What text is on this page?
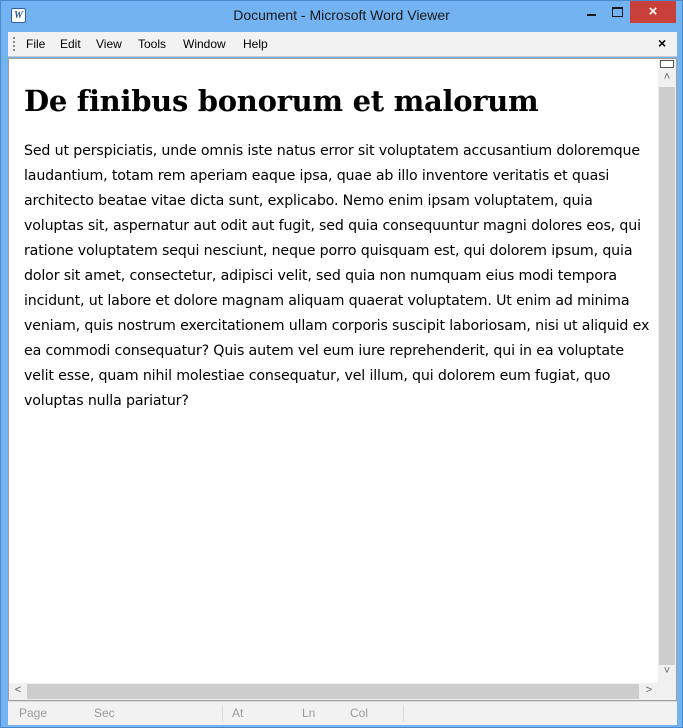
W	Document - Microsoft Word Viewer	×
File Edit View Tools Window Help	×
De finibus bonorum et malorum

Sed ut perspiciatis, unde omnis iste natus error sit voluptatem accusantium doloremque laudantium, totam rem aperiam eaque ipsa, quae ab illo inventore veritatis et quasi architecto beatae vitae dicta sunt, explicabo. Nemo enim ipsam voluptatem, quia voluptas sit, aspernatur aut odit aut fugit, sed quia consequuntur magni dolores eos, qui ratione voluptatem sequi nesciunt, neque porro quisquam est, qui dolorem ipsum, quia dolor sit amet, consectetur, adipisci velit, sed quia non numquam eius modi tempora incidunt, ut labore et dolore magnam aliquam quaerat voluptatem. Ut enim ad minima veniam, quis nostrum exercitationem ullam corporis suscipit laboriosam, nisi ut aliquid ex ea commodi consequatur? Quis autem vel eum iure reprehenderit, qui in ea voluptate velit esse, quam nihil molestiae consequatur, vel illum, qui dolorem eum fugiat, quo voluptas nulla pariatur?

˄
˅
<	>
Page	Sec	At	Ln	Col
